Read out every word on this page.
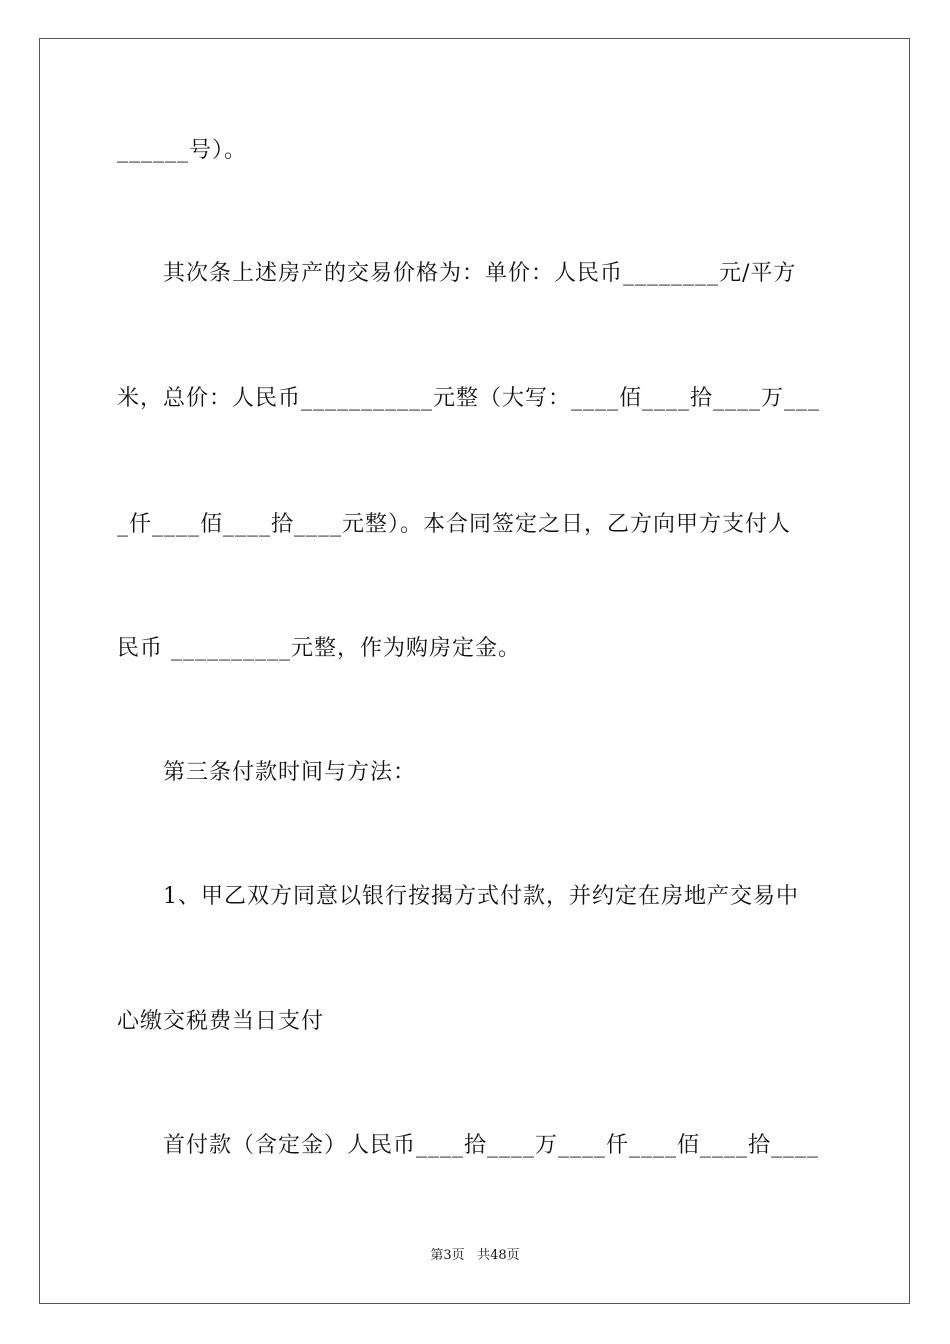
______号）。
其次条上述房产的交易价格为：单价：人民币________元/平方
米，总价：人民币___________元整（大写：____佰____拾____万___
_仟____佰____拾____元整）。本合同签定之日，乙方向甲方支付人
民币 __________元整，作为购房定金。
第三条付款时间与方法：
1、甲乙双方同意以银行按揭方式付款，并约定在房地产交易中
心缴交税费当日支付
首付款（含定金）人民币____拾____万____仟____佰____拾____
第3页 共48页
